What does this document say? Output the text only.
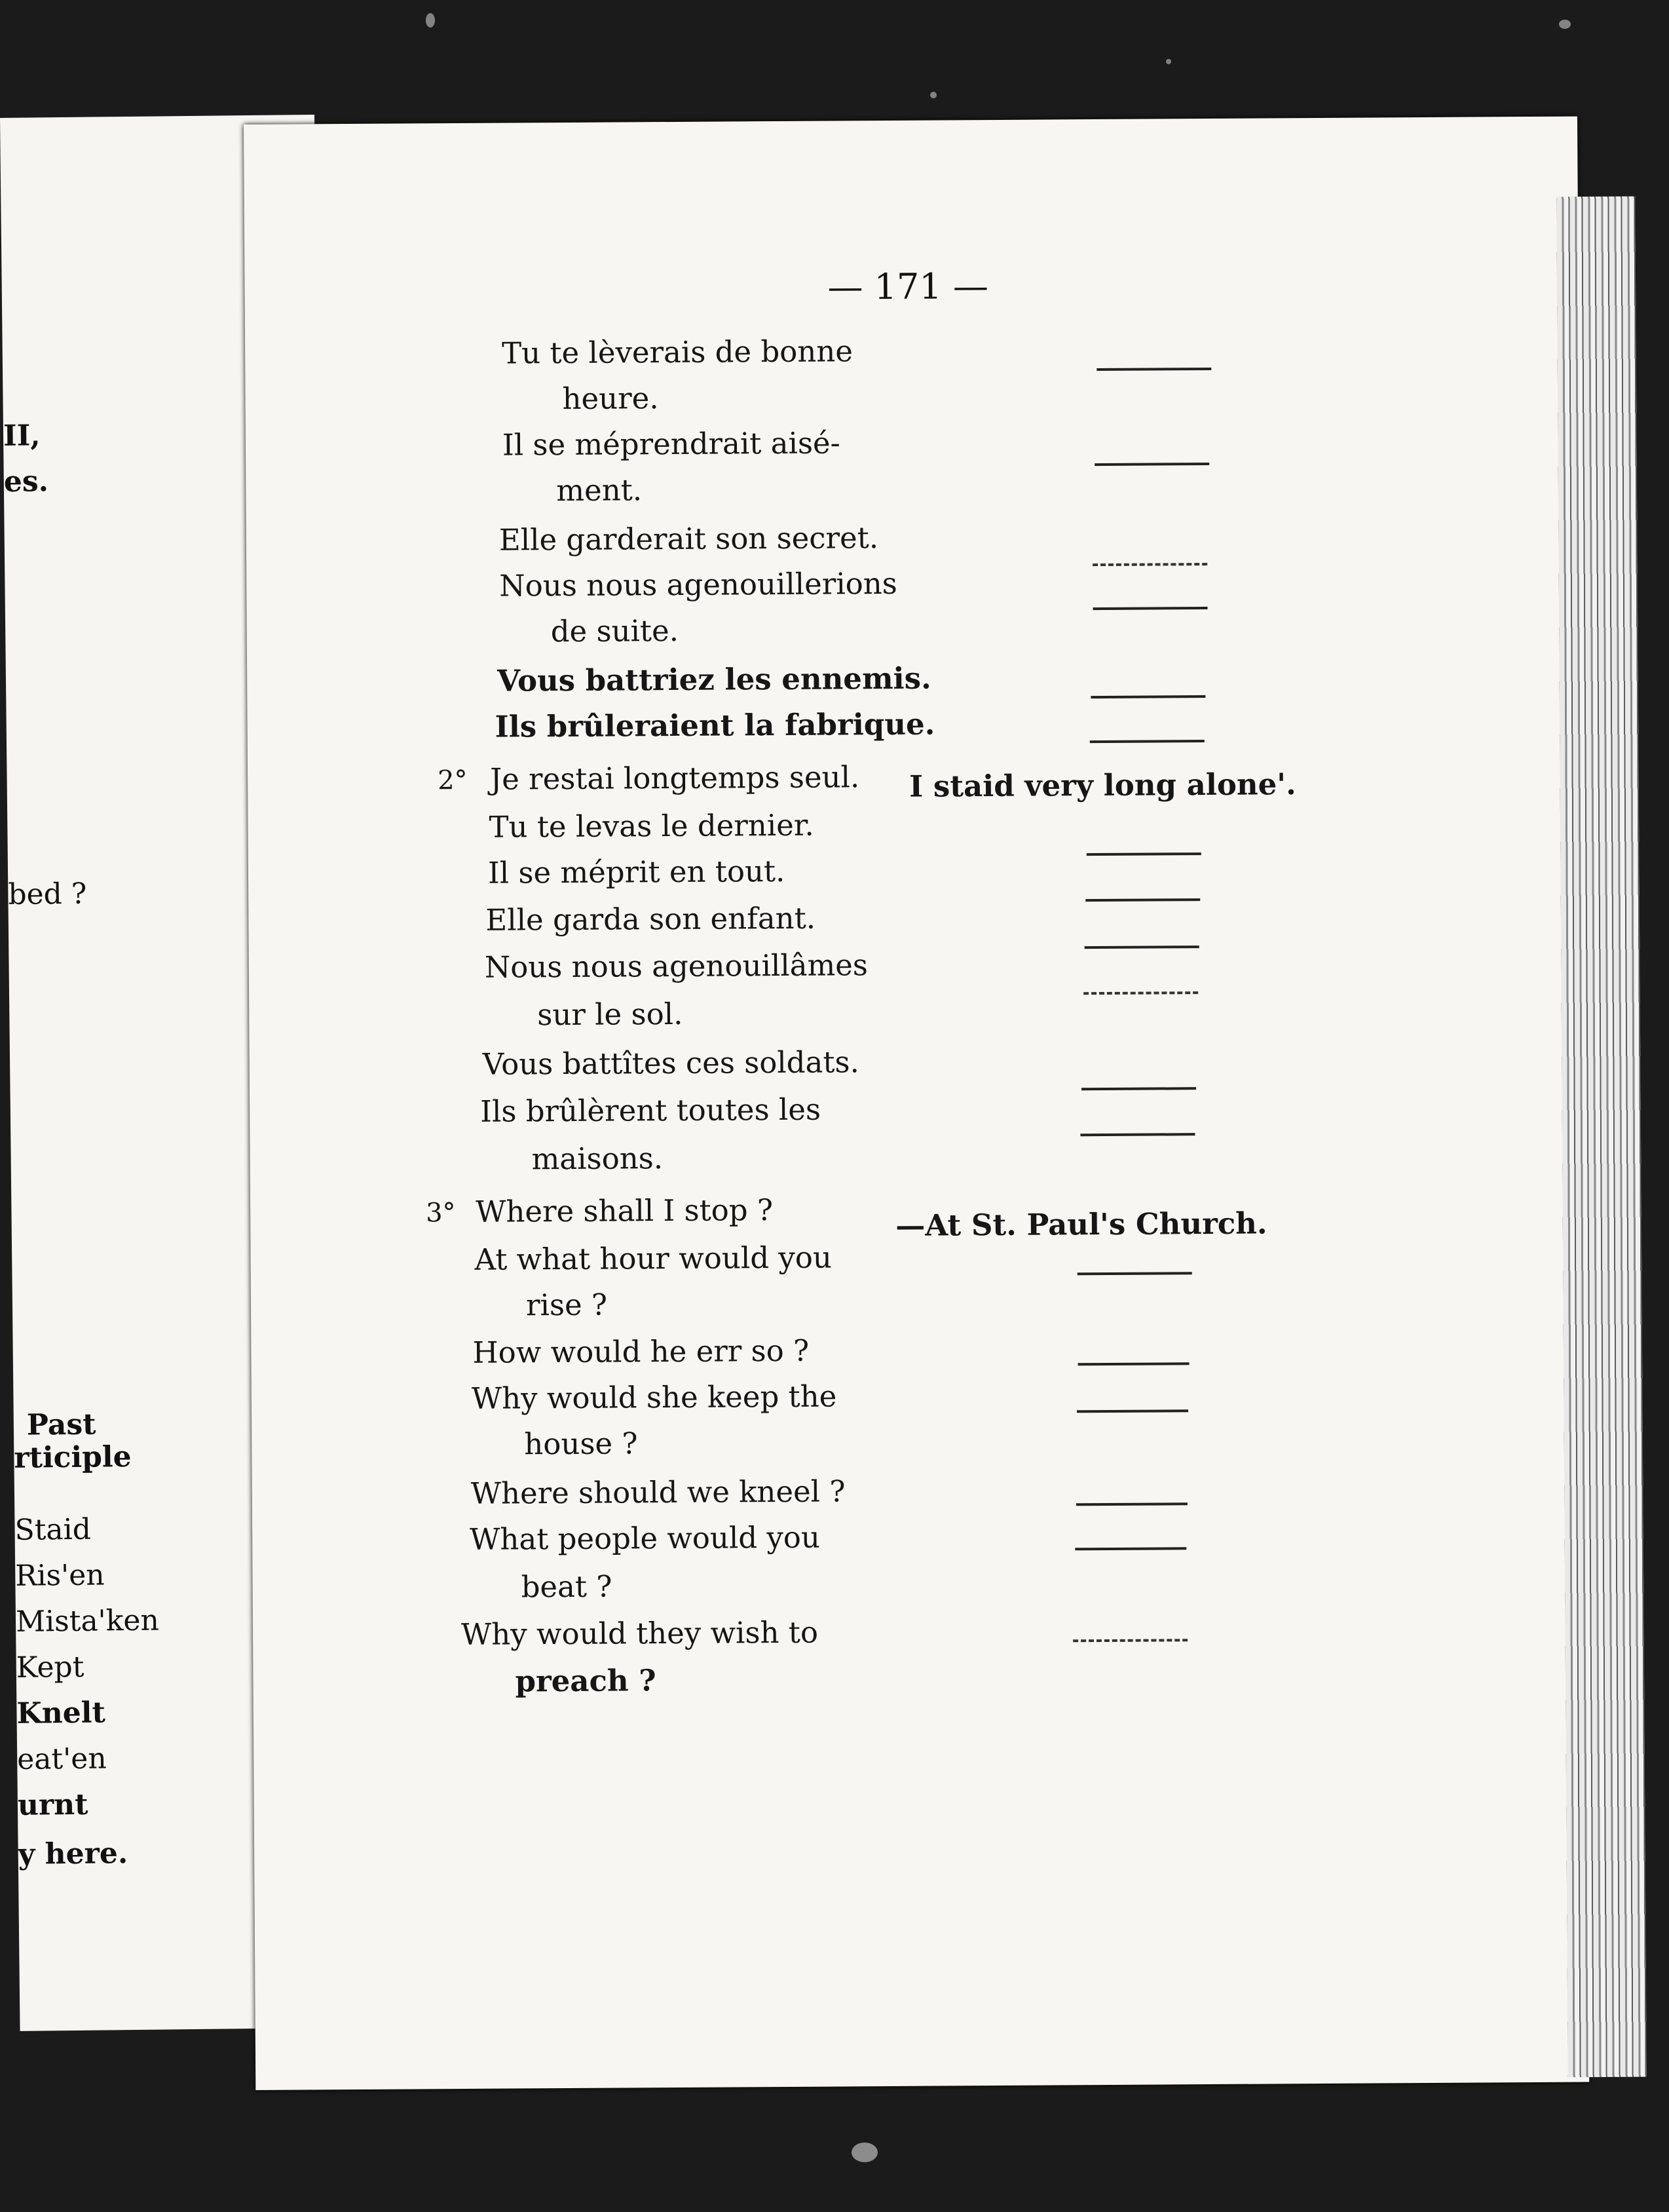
II,
es.
bed ?
Past
rticiple
Staid
Ris'en
Mista'ken
Kept
Knelt
eat'en
urnt
y here.
— 171 —
Tu te lèverais de bonne
heure.
Il se méprendrait aisé-
ment.
Elle garderait son secret.
Nous nous agenouillerions
de suite.
Vous battriez les ennemis.
Ils brûleraient la fabrique.
2° Je restai longtemps seul. I staid very long alone'.
Tu te levas le dernier.
Il se méprit en tout.
Elle garda son enfant.
Nous nous agenouillâmes
sur le sol.
Vous battîtes ces soldats.
Ils brûlèrent toutes les
maisons.
3° Where shall I stop ?	—At St. Paul's Church.
At what hour would you
rise ?
How would he err so ?
Why would she keep the
house ?
Where should we kneel ?
What people would you
beat ?
Why would they wish to
preach ?
